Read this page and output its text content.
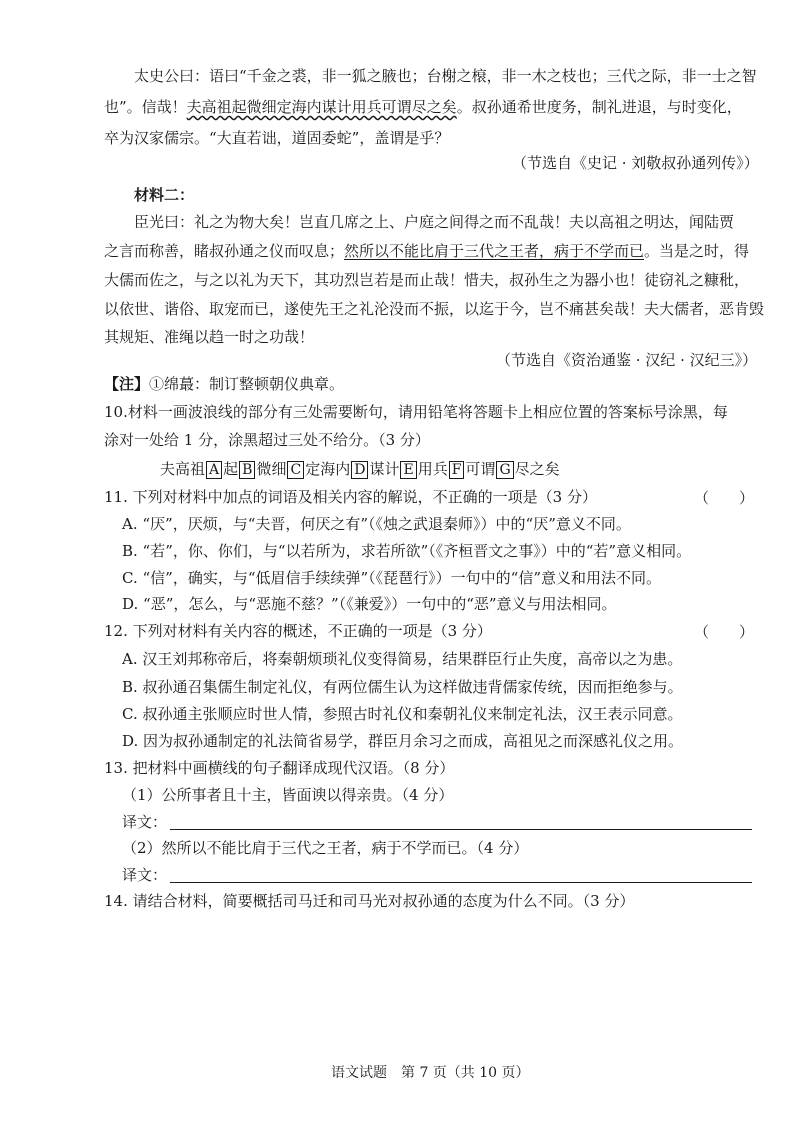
太史公曰：语曰“千金之裘，非一狐之腋也；台榭之榱，非一木之枝也；三代之际，非一士之智
也”。信哉！夫高祖起微细定海内谋计用兵可谓尽之矣。叔孙通希世度务，制礼进退，与时变化，
卒为汉家儒宗。“大直若诎，道固委蛇”，盖谓是乎？
（节选自《史记 · 刘敬叔孙通列传》）
材料二：
臣光曰：礼之为物大矣！岂直几席之上、户庭之间得之而不乱哉！夫以高祖之明达，闻陆贾
之言而称善，睹叔孙通之仪而叹息；然所以不能比肩于三代之王者，病于不学而已。当是之时，得
大儒而佐之，与之以礼为天下，其功烈岂若是而止哉！惜夫，叔孙生之为器小也！徒窃礼之糠秕，
以依世、谐俗、取宠而已，遂使先王之礼沦没而不振，以迄于今，岂不痛甚矣哉！夫大儒者，恶肯毁
其规矩、准绳以趋一时之功哉！
（节选自《资治通鉴 · 汉纪 · 汉纪三》）
【注】①绵蕞：制订整顿朝仪典章。
10.材料一画波浪线的部分有三处需要断句，请用铅笔将答题卡上相应位置的答案标号涂黑，每
涂对一处给 1 分，涂黑超过三处不给分。（3 分）
夫高祖 A 起 B 微细 C 定海内 D 谋计 E 用兵 F 可谓 G 尽之矣
11. 下列对材料中加点的词语及相关内容的解说，不正确的一项是（3 分）	（　　）
A. “厌”，厌烦，与“夫晋，何厌之有”（《烛之武退秦师》）中的“厌”意义不同。
B. “若”，你、你们，与“以若所为，求若所欲”（《齐桓晋文之事》）中的“若”意义相同。
C. “信”，确实，与“低眉信手续续弹”（《琵琶行》）一句中的“信”意义和用法不同。
D. “恶”，怎么，与“恶施不慈？”（《兼爱》）一句中的“恶”意义与用法相同。
12. 下列对材料有关内容的概述，不正确的一项是（3 分）	（　　）
A. 汉王刘邦称帝后，将秦朝烦琐礼仪变得简易，结果群臣行止失度，高帝以之为患。
B. 叔孙通召集儒生制定礼仪，有两位儒生认为这样做违背儒家传统，因而拒绝参与。
C. 叔孙通主张顺应时世人情，参照古时礼仪和秦朝礼仪来制定礼法，汉王表示同意。
D. 因为叔孙通制定的礼法简省易学，群臣月余习之而成，高祖见之而深感礼仪之用。
13. 把材料中画横线的句子翻译成现代汉语。（8 分）
（1）公所事者且十主，皆面谀以得亲贵。（4 分）
译文：
（2）然所以不能比肩于三代之王者，病于不学而已。（4 分）
译文：
14. 请结合材料，简要概括司马迁和司马光对叔孙通的态度为什么不同。（3 分）
语文试题　第 7 页（共 10 页）
